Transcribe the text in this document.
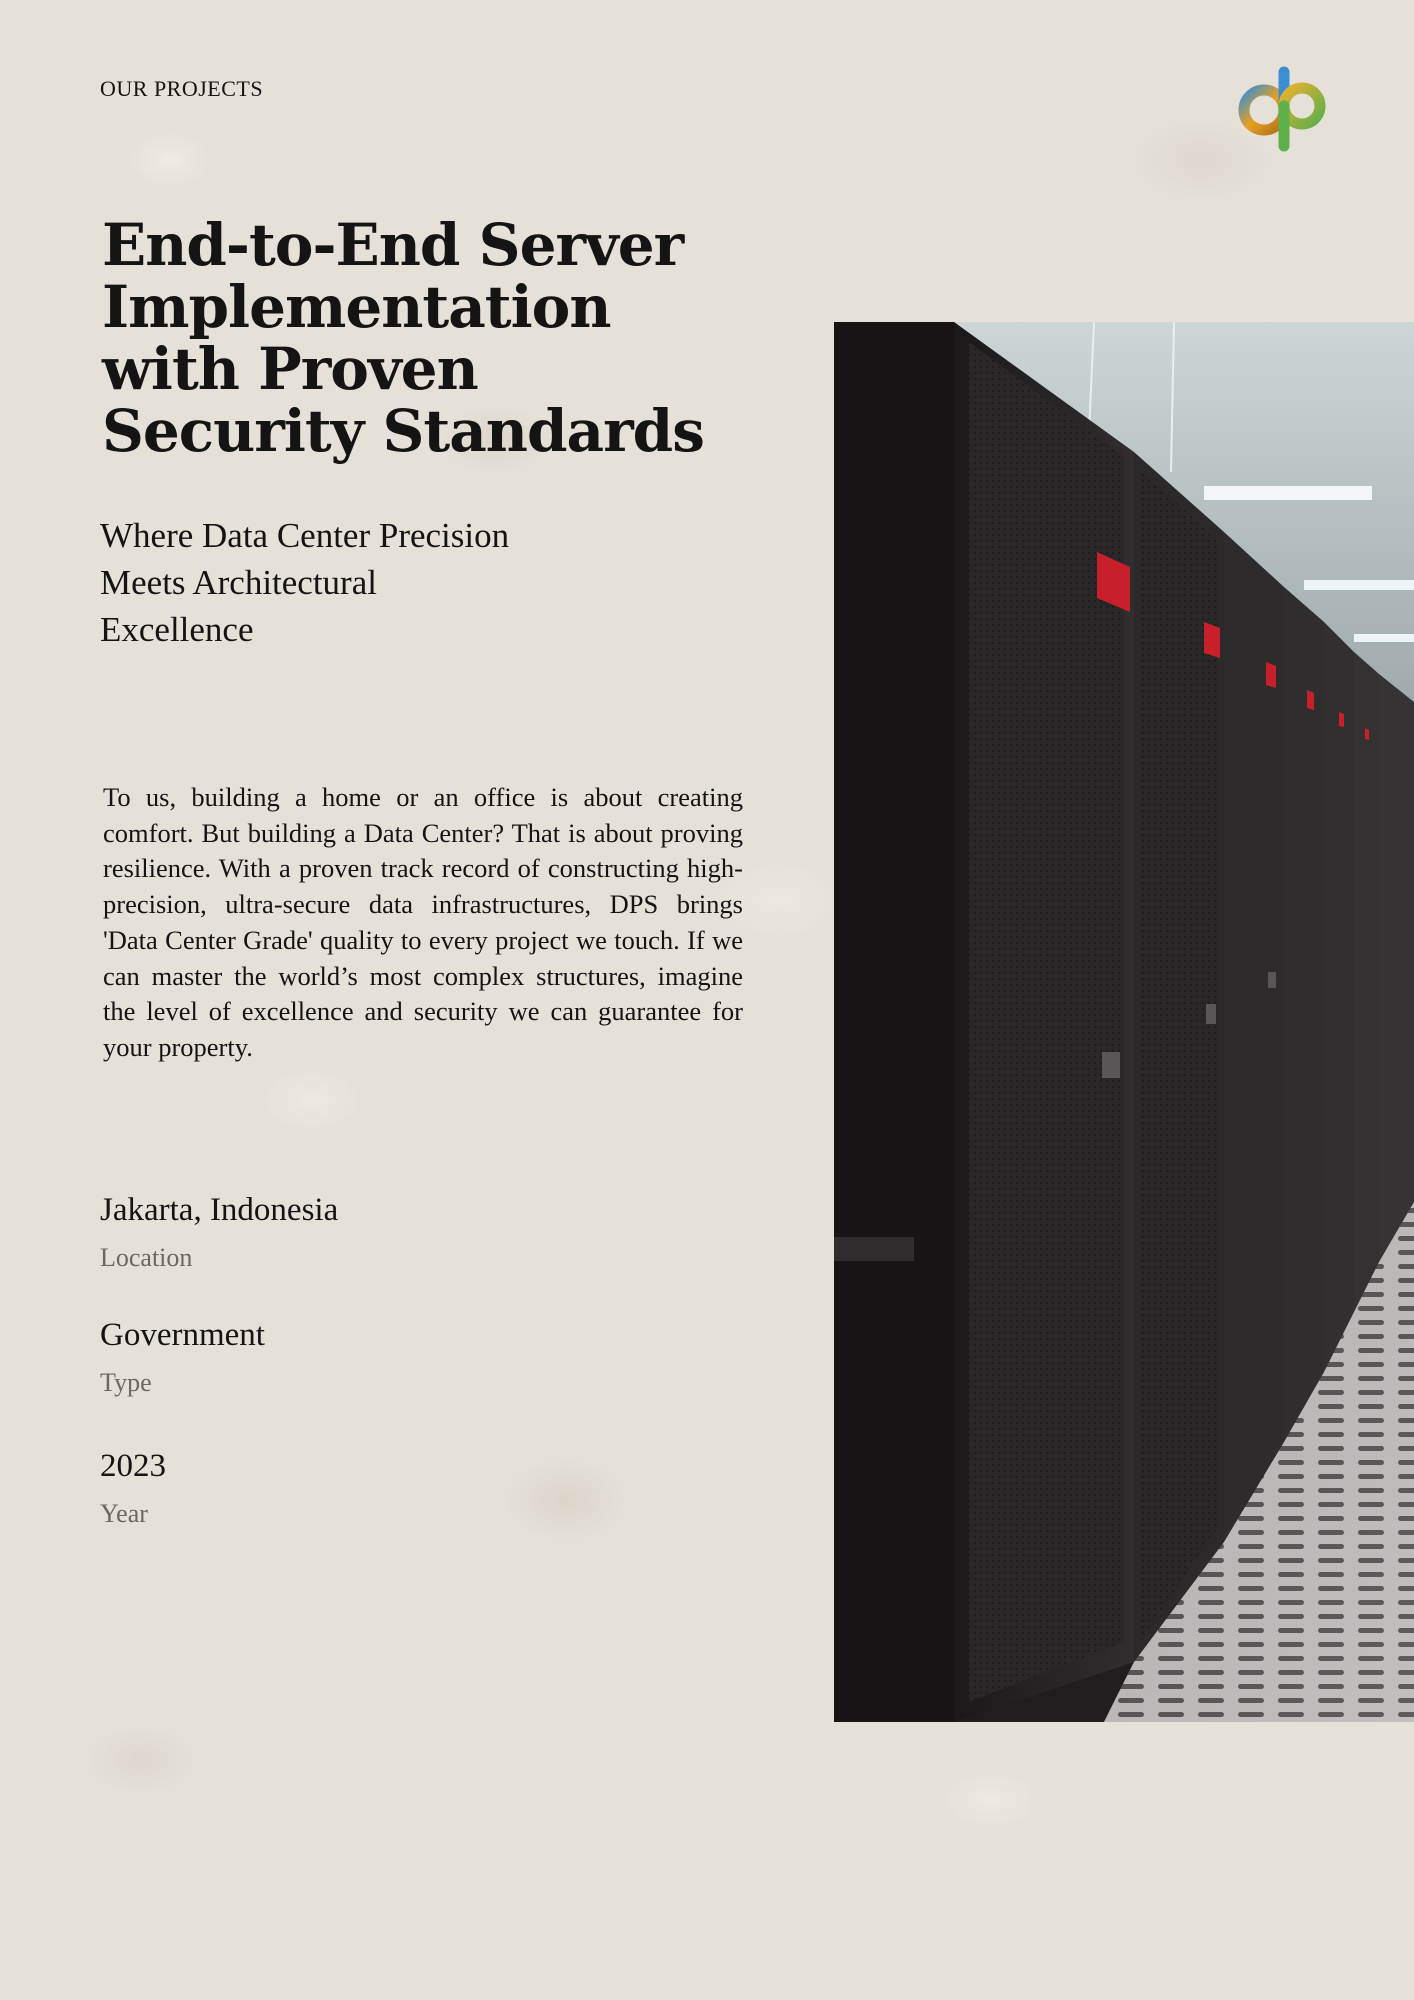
OUR PROJECTS
End-to-End Server Implementation with Proven Security Standards
Where Data Center Precision Meets Architectural Excellence

To us, building a home or an office is about creating comfort. But building a Data Center? That is about proving resilience. With a proven track record of constructing high-precision, ultra-secure data infrastructures, DPS brings 'Data Center Grade' quality to every project we touch. If we can master the world’s most complex structures, imagine the level of excellence and security we can guarantee for your property.

Jakarta, Indonesia
Location
Government
Type
2023
Year
